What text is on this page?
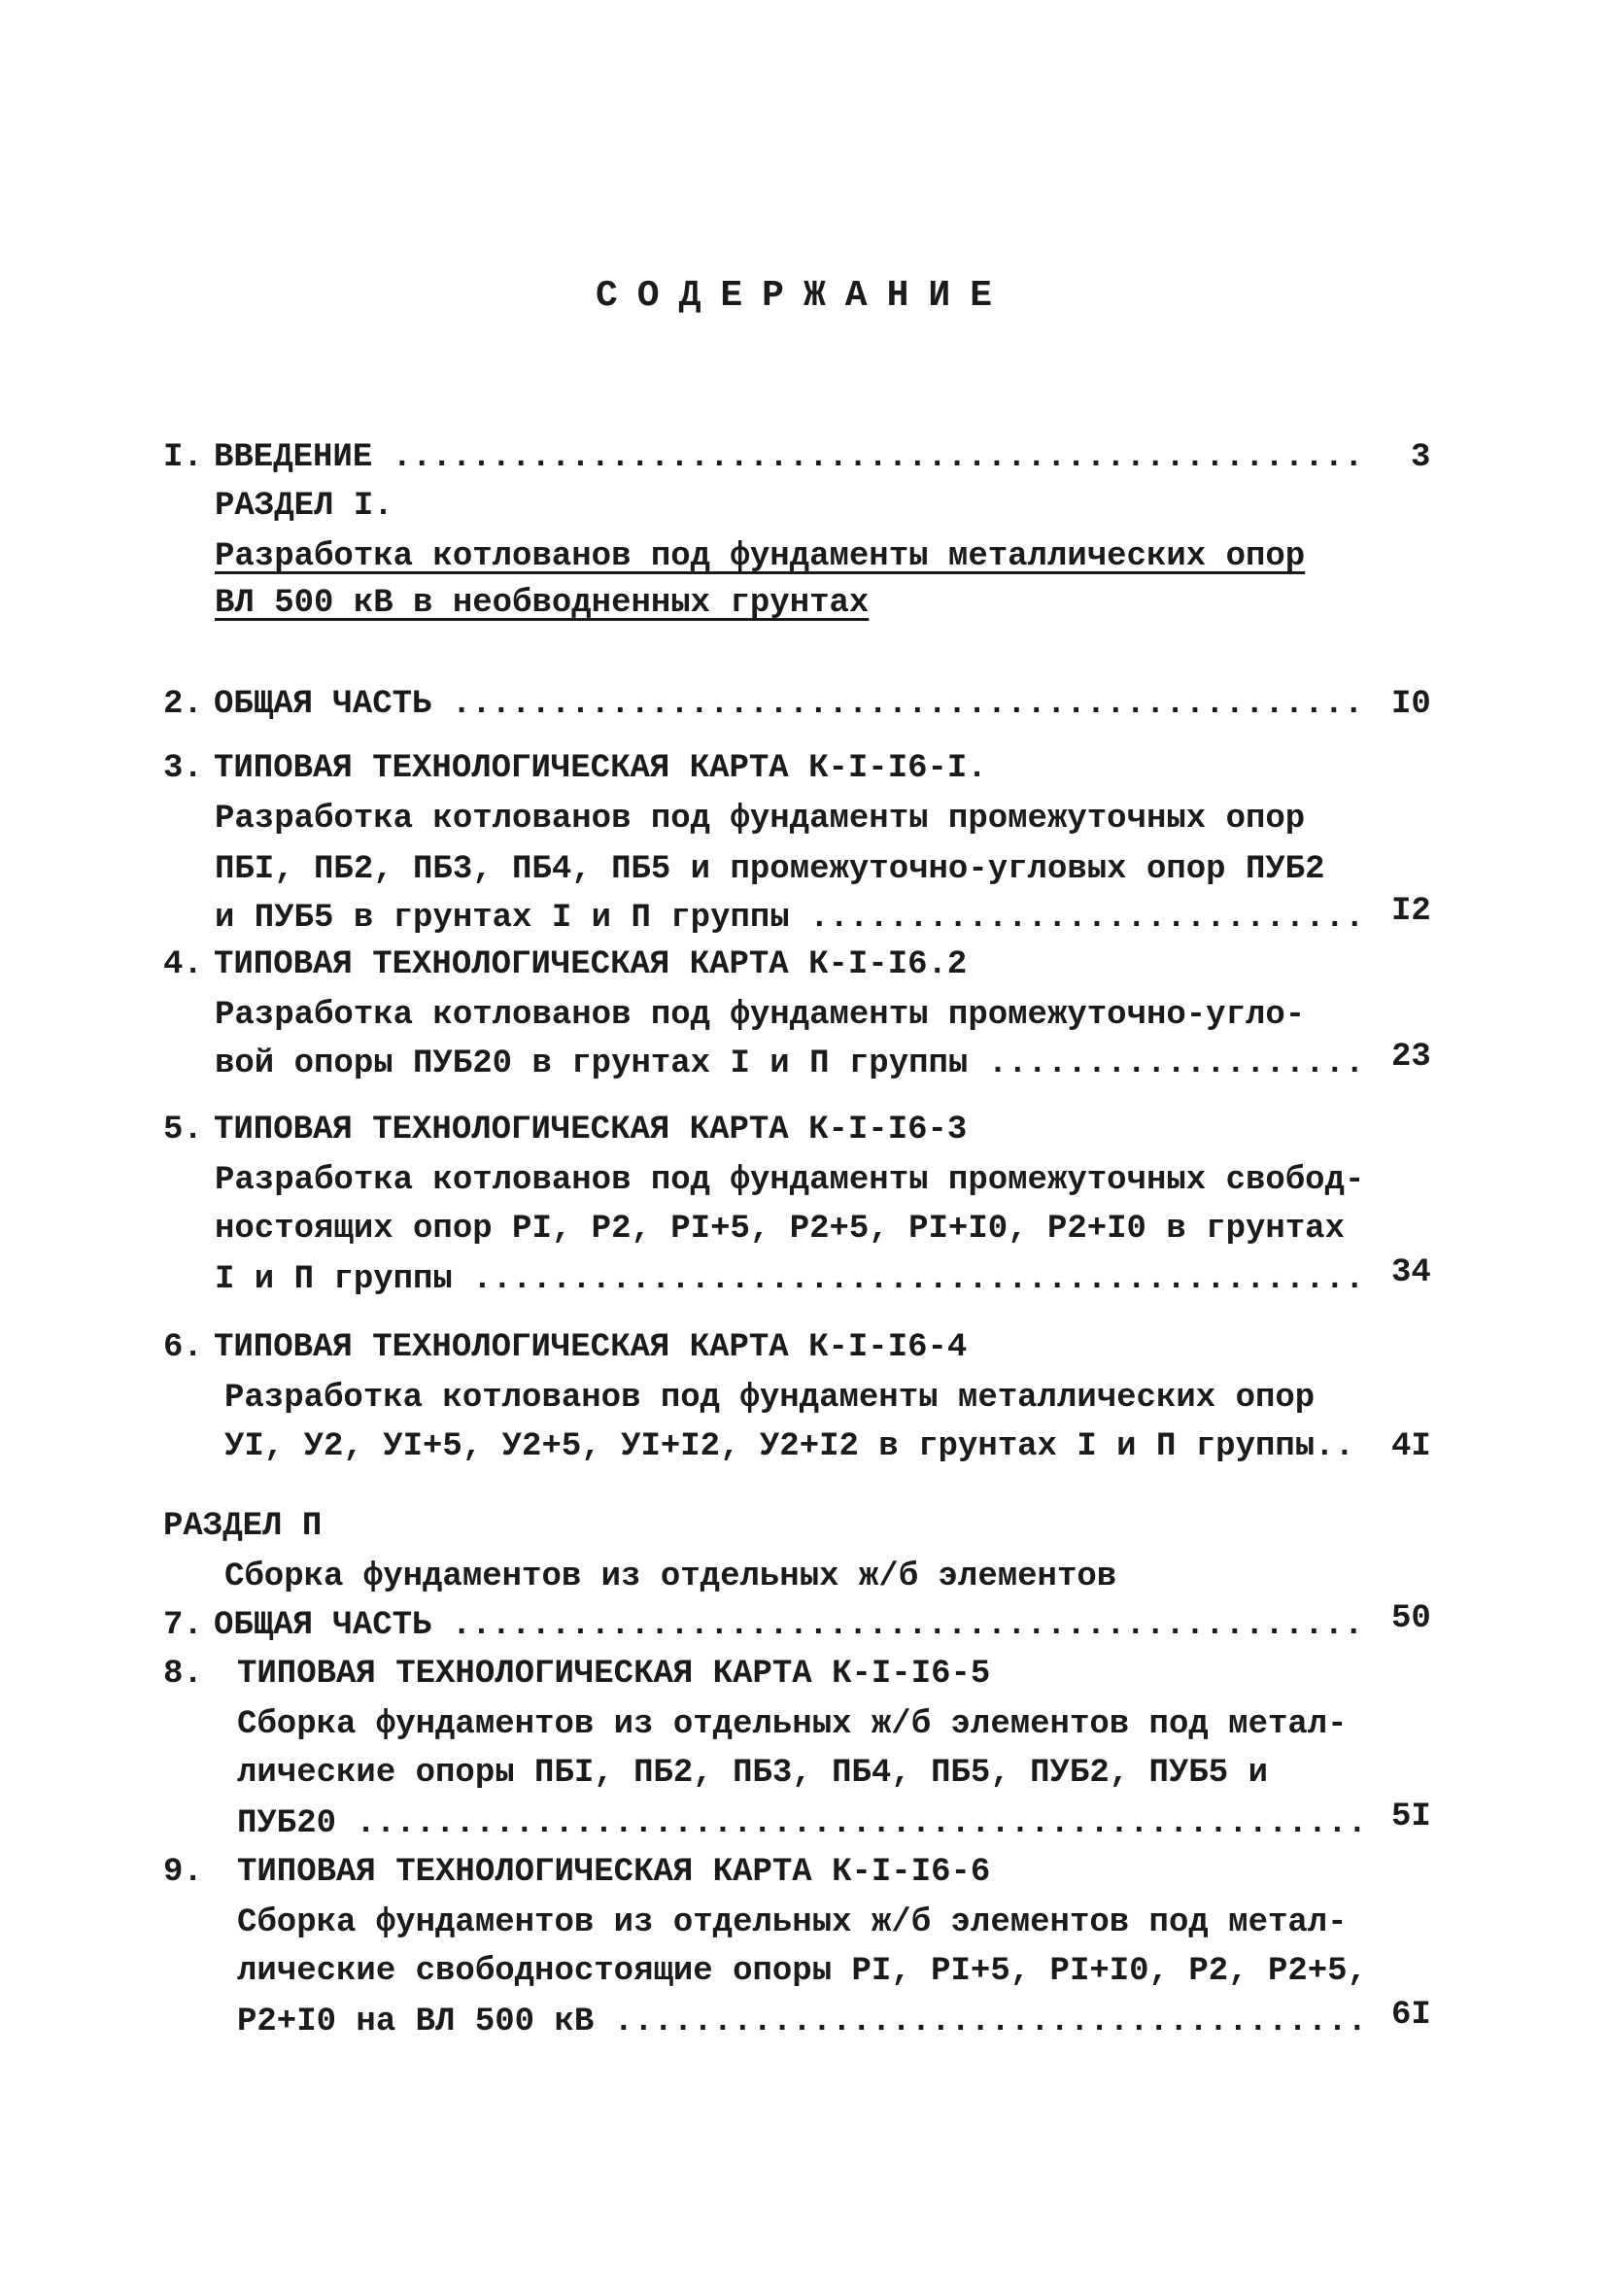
СОДЕРЖАНИЕ
I. ВВЕДЕНИЕ .....	3
РАЗДЕЛ I.
Разработка котлованов под фундаменты металлических опор
ВЛ 500 кВ в необводненных грунтах
2. ОБЩАЯ ЧАСТЬ .....	I0
3. ТИПОВАЯ ТЕХНОЛОГИЧЕСКАЯ КАРТА К-I-I6-I.
Разработка котлованов под фундаменты промежуточных опор
ПБI, ПБ2, ПБ3, ПБ4, ПБ5 и промежуточно-угловых опор ПУБ2
и ПУБ5 в грунтах I и П группы .....	I2
4. ТИПОВАЯ ТЕХНОЛОГИЧЕСКАЯ КАРТА К-I-I6.2
Разработка котлованов под фундаменты промежуточно-угло-
вой опоры ПУБ20 в грунтах I и П группы .....	23
5. ТИПОВАЯ ТЕХНОЛОГИЧЕСКАЯ КАРТА К-I-I6-3
Разработка котлованов под фундаменты промежуточных свобод-
ностоящих опор PI, P2, PI+5, P2+5, PI+I0, P2+I0 в грунтах
I и П группы .....	34
6. ТИПОВАЯ ТЕХНОЛОГИЧЕСКАЯ КАРТА К-I-I6-4
Разработка котлованов под фундаменты металлических опор
УI, У2, УI+5, У2+5, УI+I2, У2+I2 в грунтах I и П группы.. 4I
РАЗДЕЛ П
Сборка фундаментов из отдельных ж/б элементов
7. ОБЩАЯ ЧАСТЬ .....	50
8. ТИПОВАЯ ТЕХНОЛОГИЧЕСКАЯ КАРТА К-I-I6-5
Сборка фундаментов из отдельных ж/б элементов под метал-
лические опоры ПБI, ПБ2, ПБ3, ПБ4, ПБ5, ПУБ2, ПУБ5 и
ПУБ20 .....	5I
9. ТИПОВАЯ ТЕХНОЛОГИЧЕСКАЯ КАРТА К-I-I6-6
Сборка фундаментов из отдельных ж/б элементов под метал-
лические свободностоящие опоры PI, PI+5, PI+I0, P2, P2+5,
P2+I0 на ВЛ 500 кВ .....	6I
